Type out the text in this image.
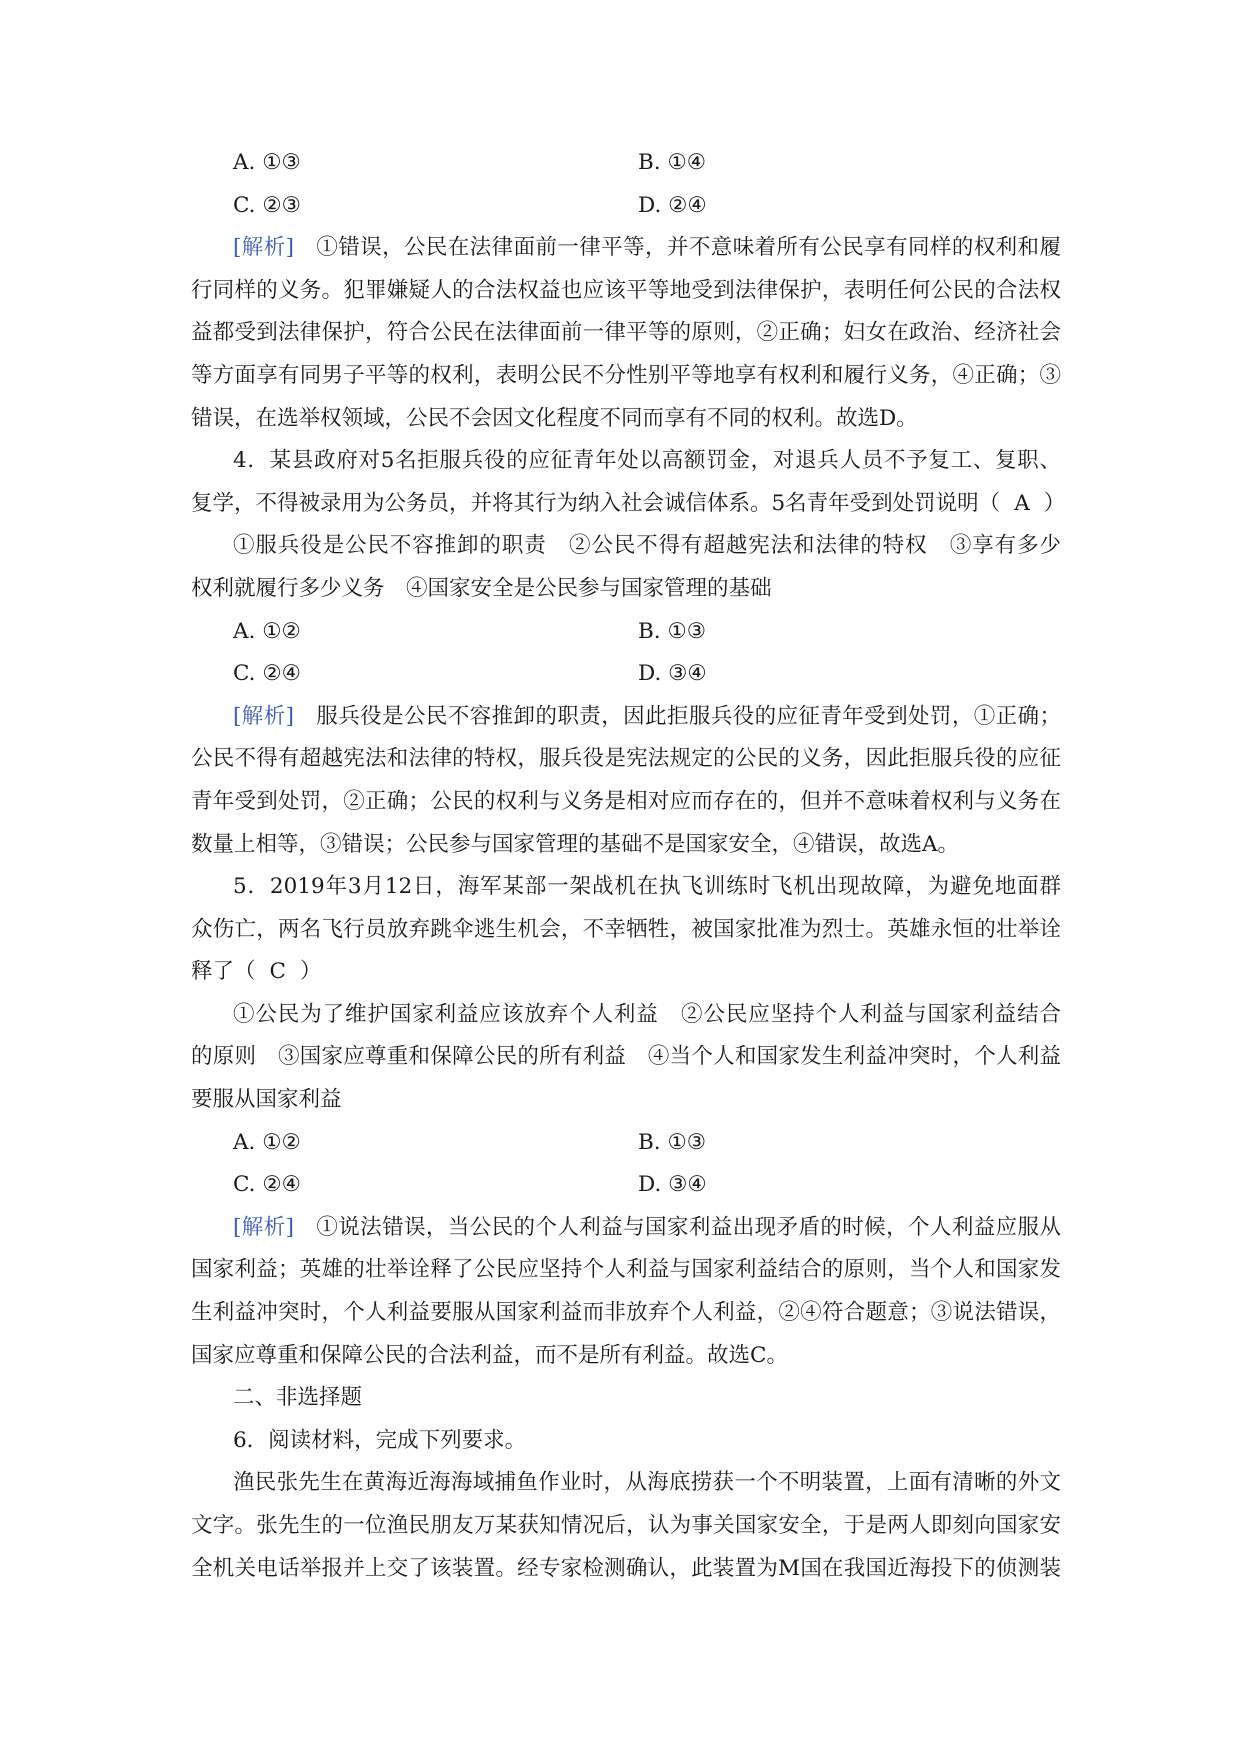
A. ①③	B. ①④
C. ②③	D. ②④
[解析]　 ①错误，公民在法律面前一律平等，并不意味着所有公民享有同样的权利和履
行同样的义务。犯罪嫌疑人的合法权益也应该平等地受到法律保护，表明任何公民的合法权
益都受到法律保护，符合公民在法律面前一律平等的原则，②正确；妇女在政治、经济社会
等方面享有同男子平等的权利，表明公民不分性别平等地享有权利和履行义务，④正确；③
错误，在选举权领域，公民不会因文化程度不同而享有不同的权利。故选D。
4．某县政府对5名拒服兵役的应征青年处以高额罚金，对退兵人员不予复工、复职、
复学，不得被录用为公务员，并将其行为纳入社会诚信体系。5名青年受到处罚说明（ A ）
①服兵役是公民不容推卸的职责　②公民不得有超越宪法和法律的特权　③享有多少
权利就履行多少义务　④国家安全是公民参与国家管理的基础
A. ①②	B. ①③
C. ②④	D. ③④
[解析]　 服兵役是公民不容推卸的职责，因此拒服兵役的应征青年受到处罚，①正确；
公民不得有超越宪法和法律的特权，服兵役是宪法规定的公民的义务，因此拒服兵役的应征
青年受到处罚，②正确；公民的权利与义务是相对应而存在的，但并不意味着权利与义务在
数量上相等，③错误；公民参与国家管理的基础不是国家安全，④错误，故选A。
5．2019年3月12日，海军某部一架战机在执飞训练时飞机出现故障，为避免地面群
众伤亡，两名飞行员放弃跳伞逃生机会，不幸牺牲，被国家批准为烈士。英雄永恒的壮举诠
释了（ C ）
①公民为了维护国家利益应该放弃个人利益　②公民应坚持个人利益与国家利益结合
的原则　③国家应尊重和保障公民的所有利益　④当个人和国家发生利益冲突时，个人利益
要服从国家利益
A. ①②	B. ①③
C. ②④	D. ③④
[解析]　 ①说法错误，当公民的个人利益与国家利益出现矛盾的时候，个人利益应服从
国家利益；英雄的壮举诠释了公民应坚持个人利益与国家利益结合的原则，当个人和国家发
生利益冲突时，个人利益要服从国家利益而非放弃个人利益，②④符合题意；③说法错误，
国家应尊重和保障公民的合法利益，而不是所有利益。故选C。
二、非选择题
6．阅读材料，完成下列要求。
渔民张先生在黄海近海海域捕鱼作业时，从海底捞获一个不明装置，上面有清晰的外文
文字。张先生的一位渔民朋友万某获知情况后，认为事关国家安全，于是两人即刻向国家安
全机关电话举报并上交了该装置。经专家检测确认，此装置为M国在我国近海投下的侦测装
